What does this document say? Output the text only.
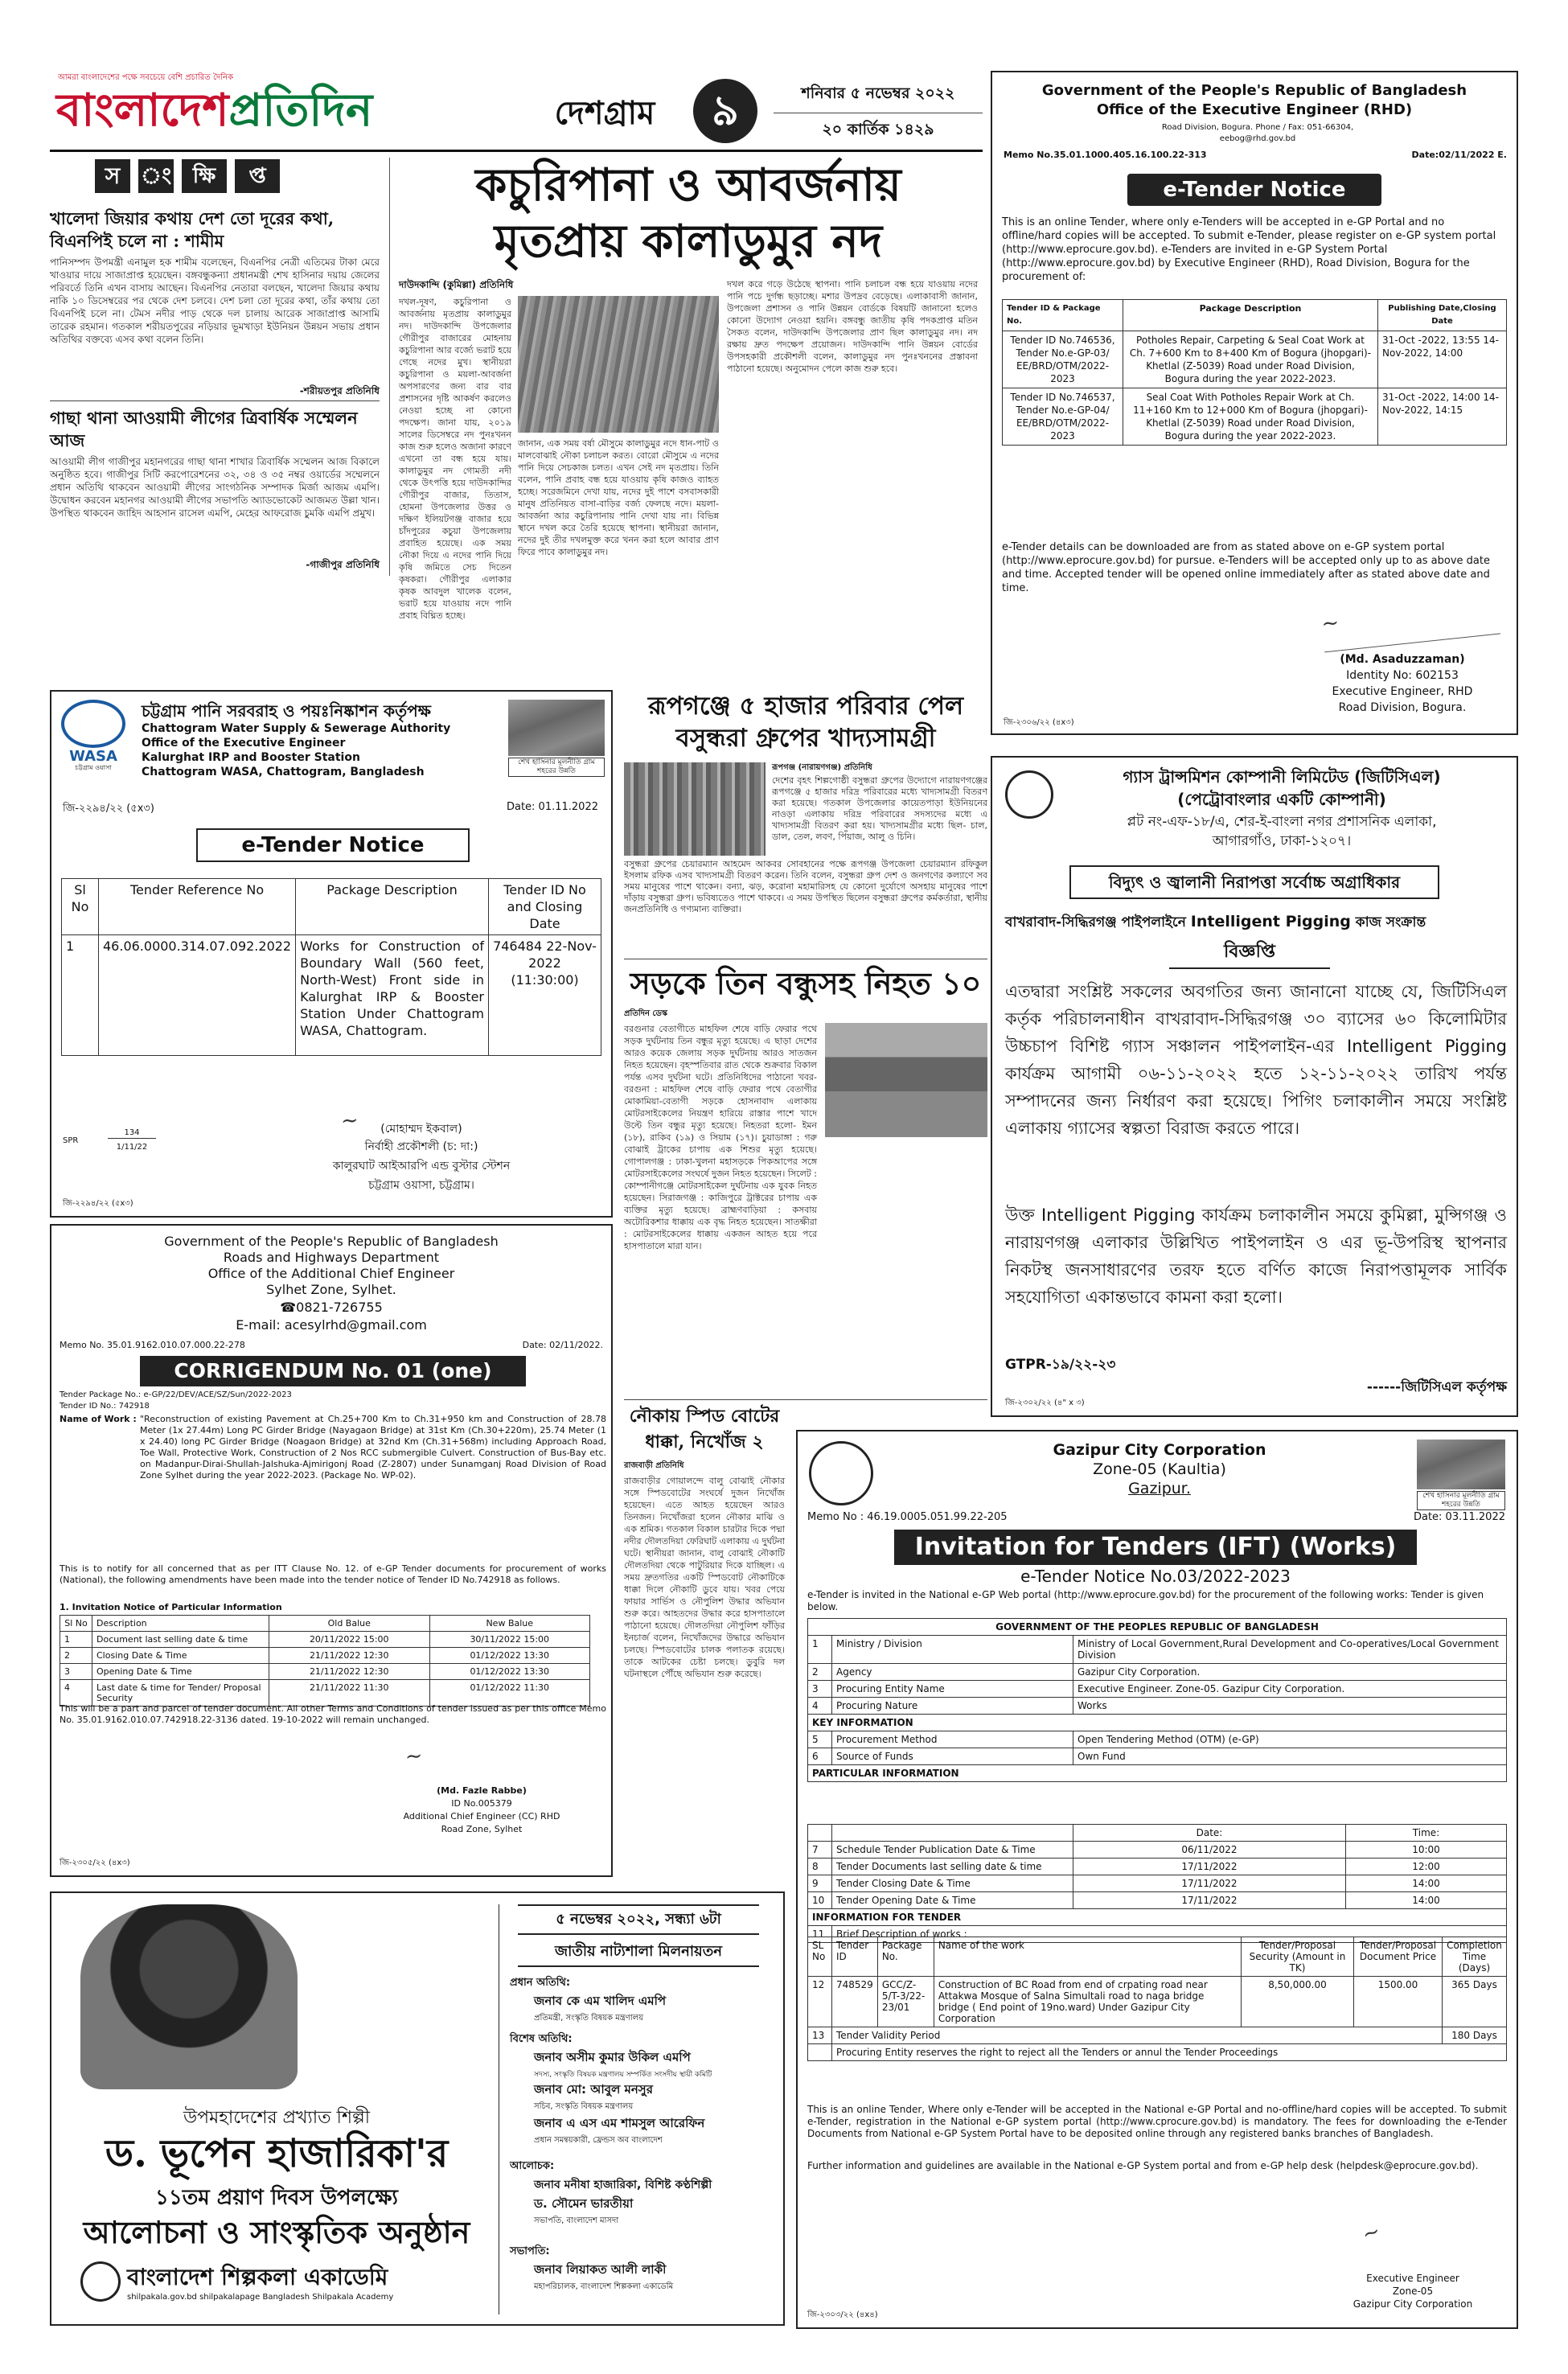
আমরা বাংলাদেশের পক্ষে সবচেয়ে বেশি প্রচারিত দৈনিক
বাংলাদেশপ্রতিদিন	দেশগ্রাম	৯	শনিবার ৫ নভেম্বর ২০২২
২০ কার্তিক ১৪২৯
স ং	ক্ষি	প্ত
খালেদা জিয়ার কথায় দেশ তো দূরের কথা, বিএনপিই চলে না : শামীম
পানিসম্পদ উপমন্ত্রী এনামুল হক শামীম বলেছেন, বিএনপির নেত্রী এতিমের টাকা মেরে খাওয়ার দায়ে সাজাপ্রাপ্ত হয়েছেন। বঙ্গবন্ধুকন্যা প্রধানমন্ত্রী শেখ হাসিনার দয়ায় জেলের পরিবর্তে তিনি এখন বাসায় আছেন। বিএনপির নেতারা বলছেন, খালেদা জিয়ার কথায় নাকি ১০ ডিসেম্বরের পর থেকে দেশ চলবে। দেশ চলা তো দূরের কথা, তাঁর কথায় তো বিএনপিই চলে না। টেমস নদীর পাড় থেকে দল চালায় আরেক সাজাপ্রাপ্ত আসামি তারেক রহমান। গতকাল শরীয়তপুরের নড়িয়ার ভূমখাড়া ইউনিয়ন উন্নয়ন সভায় প্রধান অতিথির বক্তব্যে এসব কথা বলেন তিনি।
-শরীয়তপুর প্রতিনিধি
গাছা থানা আওয়ামী লীগের ত্রিবার্ষিক সম্মেলন আজ
আওয়ামী লীগ গাজীপুর মহানগরের গাছা থানা শাখার ত্রিবার্ষিক সম্মেলন আজ বিকালে অনুষ্ঠিত হবে। গাজীপুর সিটি করপোরেশনের ৩২, ৩৪ ও ৩৫ নম্বর ওয়ার্ডের সম্মেলনে প্রধান অতিথি থাকবেন আওয়ামী লীগের সাংগঠনিক সম্পাদক মির্জা আজম এমপি। উদ্বোধন করবেন মহানগর আওয়ামী লীগের সভাপতি অ্যাডভোকেট আজমত উল্লা খান। উপস্থিত থাকবেন জাহিদ আহসান রাসেল এমপি, মেহের আফরোজ চুমকি এমপি প্রমুখ।
-গাজীপুর প্রতিনিধি
কচুরিপানা ও আবর্জনায়
মৃতপ্রায় কালাডুমুর নদ
দাউদকান্দি (কুমিল্লা) প্রতিনিধি
দখল-দূষণ, কচুরিপানা ও আবর্জনায় মৃতপ্রায় কালাডুমুর নদ। দাউদকান্দি উপজেলার গৌরীপুর বাজারের মোহনায় কচুরিপানা আর বর্জ্যে ভরাট হয়ে গেছে নদের মুখ। স্থানীয়রা কচুরিপানা ও ময়লা-আবর্জনা অপসারণের জন্য বার বার প্রশাসনের দৃষ্টি আকর্ষণ করলেও নেওয়া হচ্ছে না কোনো পদক্ষেপ। জানা যায়, ২০১৯ সালের ডিসেম্বরে নদ পুনঃখনন কাজ শুরু হলেও অজানা কারণে এখনো তা বন্ধ হয়ে যায়। কালাডুমুর নদ গোমতী নদী থেকে উৎপত্তি হয়ে দাউদকান্দির গৌরীপুর বাজার, তিতাস, হোমনা উপজেলার উত্তর ও দক্ষিণ ইলিয়টগঞ্জ বাজার হয়ে চাঁদপুরের কচুয়া উপজেলায় প্রবাহিত হয়েছে। এক সময় নৌকা দিয়ে এ নদের পানি দিয়ে কৃষি জমিতে সেচ দিতেন কৃষকরা। গৌরীপুর এলাকার কৃষক আবদুল খালেক বলেন, ভরাট হয়ে যাওয়ায় নদে পানি প্রবাহ বিঘ্নিত হচ্ছে।
জানান, এক সময় বর্ষা মৌসুমে কালাডুমুর নদে ধান-পাট ও মালবোঝাই নৌকা চলাচল করত। বোরো মৌসুমে এ নদের পানি দিয়ে সেচকাজ চলত। এখন সেই নদ মৃতপ্রায়। তিনি বলেন, পানি প্রবাহ বন্ধ হয়ে যাওয়ায় কৃষি কাজও ব্যাহত হচ্ছে। সরেজমিনে দেখা যায়, নদের দুই পাশে বসবাসকারী মানুষ প্রতিনিয়ত বাসা-বাড়ির বর্জ্য ফেলছে নদে। ময়লা-আবর্জনা আর কচুরিপানায় পানি দেখা যায় না। বিভিন্ন স্থানে দখল করে তৈরি হয়েছে স্থাপনা। স্থানীয়রা জানান, নদের দুই তীর দখলমুক্ত করে খনন করা হলে আবার প্রাণ ফিরে পাবে কালাডুমুর নদ।
দখল করে গড়ে উঠেছে স্থাপনা। পানি চলাচল বন্ধ হয়ে যাওয়ায় নদের পানি পচে দুর্গন্ধ ছড়াচ্ছে। মশার উপদ্রব বেড়েছে। এলাকাবাসী জানান, উপজেলা প্রশাসন ও পানি উন্নয়ন বোর্ডকে বিষয়টি জানানো হলেও কোনো উদ্যোগ নেওয়া হয়নি। বঙ্গবন্ধু জাতীয় কৃষি পদকপ্রাপ্ত মতিন সৈকত বলেন, দাউদকান্দি উপজেলার প্রাণ ছিল কালাডুমুর নদ। নদ রক্ষায় দ্রুত পদক্ষেপ প্রয়োজন। দাউদকান্দি পানি উন্নয়ন বোর্ডের উপসহকারী প্রকৌশলী বলেন, কালাডুমুর নদ পুনঃখননের প্রস্তাবনা পাঠানো হয়েছে। অনুমোদন পেলে কাজ শুরু হবে।
Government of the People's Republic of Bangladesh
Office of the Executive Engineer (RHD)
Road Division, Bogura. Phone / Fax: 051-66304, eebog@rhd.gov.bd
Memo No.35.01.1000.405.16.100.22-313	Date:02/11/2022 E.
e-Tender Notice
This is an online Tender, where only e-Tenders will be accepted in e-GP Portal and no offline/hard copies will be accepted. To submit e-Tender, please register on e-GP system portal (http://www.eprocure.gov.bd). e-Tenders are invited in e-GP System Portal (http://www.eprocure.gov.bd) by Executive Engineer (RHD), Road Division, Bogura for the procurement of:
Tender ID & Package No.	Package Description	Publishing Date,Closing Date
Tender ID No.746536, Tender No.e-GP-03/ EE/BRD/OTM/2022-2023	Potholes Repair, Carpeting & Seal Coat Work at Ch. 7+600 Km to 8+400 Km of Bogura (jhopgari)-Khetlal (Z-5039) Road under Road Division, Bogura during the year 2022-2023.	31-Oct -2022, 13:55 14-Nov-2022, 14:00
Tender ID No.746537, Tender No.e-GP-04/ EE/BRD/OTM/2022-2023	Seal Coat With Potholes Repair Work at Ch. 11+160 Km to 12+000 Km of Bogura (jhopgari)-Khetlal (Z-5039) Road under Road Division, Bogura during the year 2022-2023.	31-Oct -2022, 14:00 14-Nov-2022, 14:15
e-Tender details can be downloaded are from as stated above on e-GP system portal (http://www.eprocure.gov.bd) for pursue. e-Tenders will be accepted only up to as above date and time. Accepted tender will be opened online immediately after as stated above date and time.
~
(Md. Asaduzzaman)
Identity No: 602153
Executive Engineer, RHD
Road Division, Bogura.
জি-২৩০৬/২২ (৪x৩)
WASA
চট্টগ্রাম ওয়াসা
চট্টগ্রাম পানি সরবরাহ ও পয়ঃনিষ্কাশন কর্তৃপক্ষ
Chattogram Water Supply & Sewerage Authority
Office of the Executive Engineer
Kalurghat IRP and Booster Station
Chattogram WASA, Chattogram, Bangladesh
শেখ হাসিনার মূলনীতি গ্রাম শহরের উন্নতি
জি-২২৯৪/২২ (৫x৩)	Date: 01.11.2022
e-Tender Notice
Sl No	Tender Reference No	Package Description	Tender ID No and Closing Date
1	46.06.0000.314.07.092.2022	Works for Construction of Boundary Wall (560 feet, North-West) Front side in Kalurghat IRP & Booster Station Under Chattogram WASA, Chattogram.	746484 22-Nov-2022 (11:30:00)
~	(মোহাম্মদ ইকবাল)
নির্বাহী প্রকৌশলী (চ: দা:)
কালুরঘাট আইআরপি এন্ড বুস্টার স্টেশন
চট্টগ্রাম ওয়াসা, চট্টগ্রাম।
SPR
134
1/11/22
জি-২২৯৪/২২ (৫x৩)
রূপগঞ্জে ৫ হাজার পরিবার পেল
বসুন্ধরা গ্রুপের খাদ্যসামগ্রী
রূপগঞ্জ (নারায়ণগঞ্জ) প্রতিনিধি
দেশের বৃহৎ শিল্পগোষ্ঠী বসুন্ধরা গ্রুপের উদ্যোগে নারায়ণগঞ্জের রূপগঞ্জে ৫ হাজার দরিদ্র পরিবারের মধ্যে খাদ্যসামগ্রী বিতরণ করা হয়েছে। গতকাল উপজেলার কায়েতপাড়া ইউনিয়নের নাওড়া এলাকায় দরিদ্র পরিবারের সদস্যদের মধ্যে এ খাদ্যসামগ্রী বিতরণ করা হয়। খাদ্যসামগ্রীর মধ্যে ছিল- চাল, ডাল, তেল, লবণ, পিঁয়াজ, আলু ও চিনি।
বসুন্ধরা গ্রুপের চেয়ারম্যান আহমেদ আকবর সোবহানের পক্ষে রূপগঞ্জ উপজেলা চেয়ারম্যান রফিকুল ইসলাম রফিক এসব খাদ্যসামগ্রী বিতরণ করেন। তিনি বলেন, বসুন্ধরা গ্রুপ দেশ ও জনগণের কল্যাণে সব সময় মানুষের পাশে থাকেন। বন্যা, ঝড়, করোনা মহামারিসহ যে কোনো দুর্যোগে অসহায় মানুষের পাশে দাঁড়ায় বসুন্ধরা গ্রুপ। ভবিষ্যতেও পাশে থাকবে। এ সময় উপস্থিত ছিলেন বসুন্ধরা গ্রুপের কর্মকর্তারা, স্থানীয় জনপ্রতিনিধি ও গণ্যমান্য ব্যক্তিরা।
সড়কে তিন বন্ধুসহ নিহত ১০
প্রতিদিন ডেস্ক
বরগুনার বেতাগীতে মাহফিল শেষে বাড়ি ফেরার পথে সড়ক দুর্ঘটনায় তিন বন্ধুর মৃত্যু হয়েছে। এ ছাড়া দেশের আরও কয়েক জেলায় সড়ক দুর্ঘটনায় আরও সাতজন নিহত হয়েছেন। বৃহস্পতিবার রাত থেকে শুক্রবার বিকাল পর্যন্ত এসব দুর্ঘটনা ঘটে। প্রতিনিধিদের পাঠানো খবর- বরগুনা : মাহফিল শেষে বাড়ি ফেরার পথে বেতাগীর মোকামিয়া-বেতাগী সড়কে হোসনাবাদ এলাকায় মোটরসাইকেলের নিয়ন্ত্রণ হারিয়ে রাস্তার পাশে খাদে উল্টে তিন বন্ধুর মৃত্যু হয়েছে। নিহতরা হলো- ইমন (১৮), রাকিব (১৯) ও সিয়াম (১৭)। চুয়াডাঙ্গা : গরু বোঝাই ট্রাকের চাপায় এক শিশুর মৃত্যু হয়েছে। গোপালগঞ্জ : ঢাকা-খুলনা মহাসড়কে পিকআপের সঙ্গে মোটরসাইকেলের সংঘর্ষে দুজন নিহত হয়েছেন। সিলেট : কোম্পানীগঞ্জে মোটরসাইকেল দুর্ঘটনায় এক যুবক নিহত হয়েছেন। সিরাজগঞ্জ : কাজিপুরে ট্রাক্টরের চাপায় এক ব্যক্তির মৃত্যু হয়েছে। ব্রাহ্মণবাড়িয়া : কসবায় অটোরিকশার ধাক্কায় এক বৃদ্ধ নিহত হয়েছেন। সাতক্ষীরা : মোটরসাইকেলের ধাক্কায় একজন আহত হয়ে পরে হাসপাতালে মারা যান।
Government of the People's Republic of Bangladesh
Roads and Highways Department
Office of the Additional Chief Engineer
Sylhet Zone, Sylhet.
☎0821-726755
E-mail: acesylrhd@gmail.com
Memo No. 35.01.9162.010.07.000.22-278	Date: 02/11/2022.
CORRIGENDUM No. 01 (one)
Tender Package No.: e-GP/22/DEV/ACE/SZ/Sun/2022-2023
Tender ID No.: 742918
Name of Work : "Reconstruction of existing Pavement at Ch.25+700 Km to Ch.31+950 km and Construction of 28.78 Meter (1x 27.44m) Long PC Girder Bridge (Nayagaon Bridge) at 31st Km (Ch.30+220m), 25.74 Meter (1 x 24.40) long PC Girder Bridge (Noagaon Bridge) at 32nd Km (Ch.31+568m) including Approach Road, Toe Wall, Protective Work, Construction of 2 Nos RCC submergible Culvert. Construction of Bus-Bay etc. on Madanpur-Dirai-Shullah-Jalshuka-Ajmirigonj Road (Z-2807) under Sunamganj Road Division of Road Zone Sylhet during the year 2022-2023. (Package No. WP-02).
This is to notify for all concerned that as per ITT Clause No. 12. of e-GP Tender documents for procurement of works (National), the following amendments have been made into the tender notice of Tender ID No.742918 as follows.
1. Invitation Notice of Particular Information
Sl No	Description	Old Balue	New Balue
1	Document last selling date & time	20/11/2022 15:00	30/11/2022 15:00
2	Closing Date & Time	21/11/2022 12:30	01/12/2022 13:30
3	Opening Date & Time	21/11/2022 12:30	01/12/2022 13:30
4	Last date & time for Tender/ Proposal Security	21/11/2022 11:30	01/12/2022 11:30
This will be a part and parcel of tender document. All other Terms and Conditions of tender issued as per this office Memo No. 35.01.9162.010.07.742918.22-3136 dated. 19-10-2022 will remain unchanged.
~
(Md. Fazle Rabbe)
ID No.005379
Additional Chief Engineer (CC) RHD
Road Zone, Sylhet
জি-২৩০৫/২২ (৪x৩)
গ্যাস ট্রান্সমিশন কোম্পানী লিমিটেড (জিটিসিএল)
(পেট্রোবাংলার একটি কোম্পানী)
প্লট নং-এফ-১৮/এ, শের-ই-বাংলা নগর প্রশাসনিক এলাকা,
আগারগাঁও, ঢাকা-১২০৭।
বিদ্যুৎ ও জ্বালানী নিরাপত্তা সর্বোচ্চ অগ্রাধিকার
বাখরাবাদ-সিদ্ধিরগঞ্জ পাইপলাইনে Intelligent Pigging কাজ সংক্রান্ত
বিজ্ঞপ্তি
এতদ্বারা সংশ্লিষ্ট সকলের অবগতির জন্য জানানো যাচ্ছে যে, জিটিসিএল কর্তৃক পরিচালনাধীন বাখরাবাদ-সিদ্ধিরগঞ্জ ৩০ ব্যাসের ৬০ কিলোমিটার উচ্চচাপ বিশিষ্ট গ্যাস সঞ্চালন পাইপলাইন-এর Intelligent Pigging কার্যক্রম আগামী ০৬-১১-২০২২ হতে ১২-১১-২০২২ তারিখ পর্যন্ত সম্পাদনের জন্য নির্ধারণ করা হয়েছে। পিগিং চলাকালীন সময়ে সংশ্লিষ্ট এলাকায় গ্যাসের স্বল্পতা বিরাজ করতে পারে।
উক্ত Intelligent Pigging কার্যক্রম চলাকালীন সময়ে কুমিল্লা, মুন্সিগঞ্জ ও নারায়ণগঞ্জ এলাকার উল্লিখিত পাইপলাইন ও এর ভূ-উপরিস্থ স্থাপনার নিকটস্থ জনসাধারণের তরফ হতে বর্ণিত কাজে নিরাপত্তামূলক সার্বিক সহযোগিতা একান্তভাবে কামনা করা হলো।
GTPR-১৯/২২-২৩
------জিটিসিএল কর্তৃপক্ষ
জি-২৩০২/২২ (৪" x ৩)
নৌকায় স্পিড বোটের
ধাক্কা, নিখোঁজ ২
রাজবাড়ী প্রতিনিধি
রাজবাড়ীর গোয়ালন্দে বালু বোঝাই নৌকার সঙ্গে স্পিডবোটের সংঘর্ষে দুজন নিখোঁজ হয়েছেন। এতে আহত হয়েছেন আরও তিনজন। নিখোঁজরা হলেন নৌকার মাঝি ও এক শ্রমিক। গতকাল বিকাল চারটার দিকে পদ্মা নদীর দৌলতদিয়া ফেরিঘাট এলাকায় এ দুর্ঘটনা ঘটে। স্থানীয়রা জানান, বালু বোঝাই নৌকাটি দৌলতদিয়া থেকে পাটুরিয়ার দিকে যাচ্ছিল। এ সময় দ্রুতগতির একটি স্পিডবোট নৌকাটিকে ধাক্কা দিলে নৌকাটি ডুবে যায়। খবর পেয়ে ফায়ার সার্ভিস ও নৌপুলিশ উদ্ধার অভিযান শুরু করে। আহতদের উদ্ধার করে হাসপাতালে পাঠানো হয়েছে। দৌলতদিয়া নৌপুলিশ ফাঁড়ির ইনচার্জ বলেন, নিখোঁজদের উদ্ধারে অভিযান চলছে। স্পিডবোটের চালক পলাতক রয়েছে। তাকে আটকের চেষ্টা চলছে। ডুবুরি দল ঘটনাস্থলে পৌঁছে অভিযান শুরু করেছে।
Gazipur City Corporation
Zone-05 (Kaultia)
Gazipur.	শেখ হাসিনার মূলনীতি গ্রাম শহরের উন্নতি
Memo No : 46.19.0005.051.99.22-205	Date: 03.11.2022
Invitation for Tenders (IFT) (Works)
e-Tender Notice No.03/2022-2023
e-Tender is invited in the National e-GP Web portal (http://www.eprocure.gov.bd) for the procurement of the following works: Tender is given below.
GOVERNMENT OF THE PEOPLES REPUBLIC OF BANGLADESH		
1	Ministry / Division	Ministry of Local Government,Rural Development and Co-operatives/Local Government Division
2	Agency	Gazipur City Corporation.
3	Procuring Entity Name	Executive Engineer. Zone-05. Gazipur City Corporation.
4	Procuring Nature	Works
KEY INFORMATION		
5	Procurement Method	Open Tendering Method (OTM) (e-GP)
6	Source of Funds	Own Fund
PARTICULAR INFORMATION		
		Date:	Time:
7	Schedule Tender Publication Date & Time	06/11/2022	10:00
8	Tender Documents last selling date & time	17/11/2022	12:00
9	Tender Closing Date & Time	17/11/2022	14:00
10	Tender Opening Date & Time	17/11/2022	14:00
INFORMATION FOR TENDER			
11	Brief Description of works :		
SL No	Tender ID	Package No.	Name of the work	Tender/Proposal Security (Amount in TK)	Tender/Proposal Document Price	Completion Time (Days)
12	748529	GCC/Z-5/T-3/22-23/01	Construction of BC Road from end of crpating road near Attakwa Mosque of Salna Simultali road to naga bridge bridge ( End point of 19no.ward) Under Gazipur City Corporation	8,50,000.00	1500.00	365 Days
13	Tender Validity Period					180 Days
	Procuring Entity reserves the right to reject all the Tenders or annul the Tender Proceedings					
This is an online Tender, Where only e-Tender will be accepted in the National e-GP Portal and no-offline/hard copies will be accepted. To submit e-Tender, registration in the National e-GP system portal (http://www.cprocure.gov.bd) is mandatory. The fees for downloading the e-Tender Documents from National e-GP System Portal have to be deposited online through any registered banks branches of Bangladesh.
Further information and guidelines are available in the National e-GP System portal and from e-GP help desk (helpdesk@eprocure.gov.bd).
~
Executive Engineer
Zone-05
Gazipur City Corporation
জি-২৩০৩/২২ (৪x৪)
উপমহাদেশের প্রখ্যাত শিল্পী
ড. ভূপেন হাজারিকা'র
১১তম প্রয়াণ দিবস উপলক্ষ্যে
আলোচনা ও সাংস্কৃতিক অনুষ্ঠান
বাংলাদেশ শিল্পকলা একাডেমি
shilpakala.gov.bd shilpakalapage Bangladesh Shilpakala Academy
৫ নভেম্বর ২০২২, সন্ধ্যা ৬টা
জাতীয় নাট্যশালা মিলনায়তন
প্রধান অতিথি:
জনাব কে এম খালিদ এমপি
প্রতিমন্ত্রী, সংস্কৃতি বিষয়ক মন্ত্রণালয়
বিশেষ অতিথি:
জনাব অসীম কুমার উকিল এমপি
সদস্য, সংস্কৃতি বিষয়ক মন্ত্রণালয় সম্পর্কিত সংসদীয় স্থায়ী কমিটি
জনাব মো: আবুল মনসুর
সচিব, সংস্কৃতি বিষয়ক মন্ত্রণালয়
জনাব এ এস এম শামসুল আরেফিন
প্রধান সমন্বয়কারী, ফ্রেন্ডস অব বাংলাদেশ
আলোচক:
জনাব মনীষা হাজারিকা, বিশিষ্ট কণ্ঠশিল্পী
ড. সৌমেন ভারতীয়া
সভাপতি, বাংলাদেশ মাসদা
সভাপতি:
জনাব লিয়াকত আলী লাকী
মহাপরিচালক, বাংলাদেশ শিল্পকলা একাডেমি
